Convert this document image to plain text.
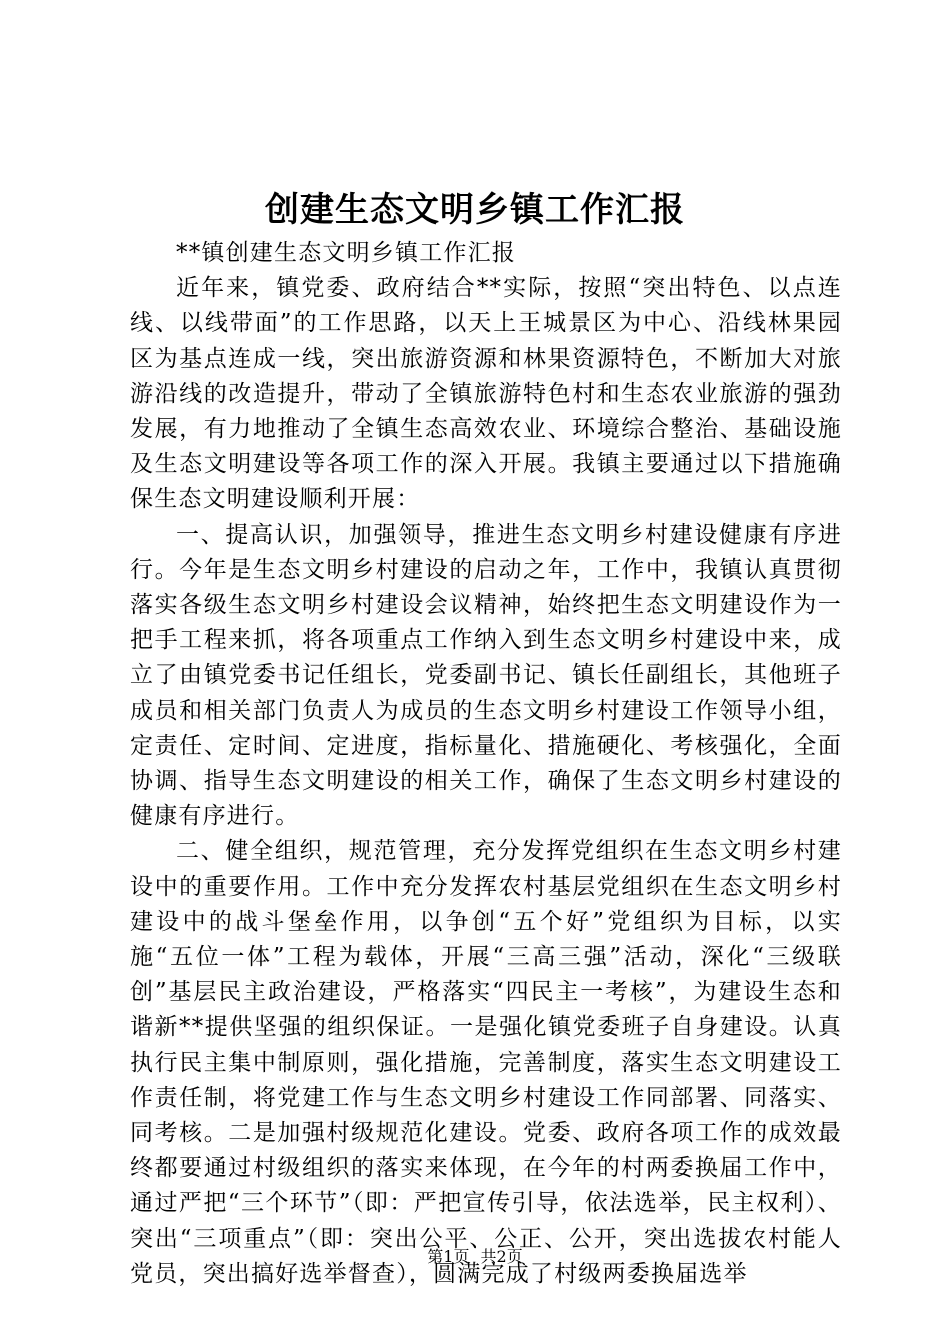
创建生态文明乡镇工作汇报

**镇创建生态文明乡镇工作汇报

近年来，镇党委、政府结合**实际，按照“突出特色、以点连线、以线带面”的工作思路，以天上王城景区为中心、沿线林果园区为基点连成一线，突出旅游资源和林果资源特色，不断加大对旅游沿线的改造提升，带动了全镇旅游特色村和生态农业旅游的强劲发展，有力地推动了全镇生态高效农业、环境综合整治、基础设施及生态文明建设等各项工作的深入开展。我镇主要通过以下措施确保生态文明建设顺利开展：

一、提高认识，加强领导，推进生态文明乡村建设健康有序进行。今年是生态文明乡村建设的启动之年，工作中，我镇认真贯彻落实各级生态文明乡村建设会议精神，始终把生态文明建设作为一把手工程来抓，将各项重点工作纳入到生态文明乡村建设中来，成立了由镇党委书记任组长，党委副书记、镇长任副组长，其他班子成员和相关部门负责人为成员的生态文明乡村建设工作领导小组，定责任、定时间、定进度，指标量化、措施硬化、考核强化，全面协调、指导生态文明建设的相关工作，确保了生态文明乡村建设的健康有序进行。

二、健全组织，规范管理，充分发挥党组织在生态文明乡村建设中的重要作用。工作中充分发挥农村基层党组织在生态文明乡村建设中的战斗堡垒作用，以争创“五个好”党组织为目标，以实施“五位一体”工程为载体，开展“三高三强”活动，深化“三级联创”基层民主政治建设，严格落实“四民主一考核”，为建设生态和谐新**提供坚强的组织保证。一是强化镇党委班子自身建设。认真执行民主集中制原则，强化措施，完善制度，落实生态文明建设工作责任制，将党建工作与生态文明乡村建设工作同部署、同落实、同考核。二是加强村级规范化建设。党委、政府各项工作的成效最终都要通过村级组织的落实来体现，在今年的村两委换届工作中，通过严把“三个环节”（即：严把宣传引导，依法选举，民主权利）、突出“三项重点”（即：突出公平、公正、公开，突出选拔农村能人党员，突出搞好选举督查），圆满完成了村级两委换届选举

第1页 共2页
